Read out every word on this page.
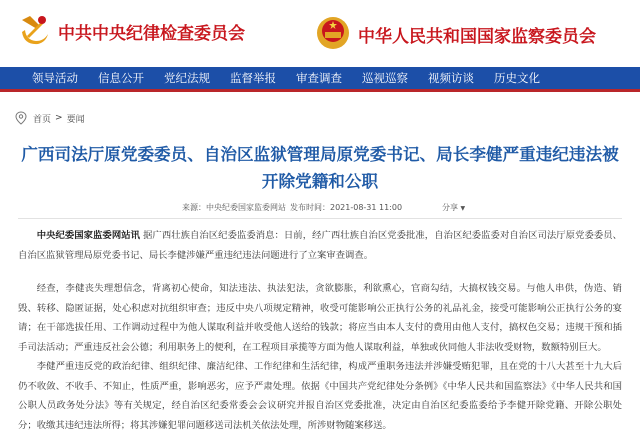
中共中央纪律检查委员会	中华人民共和国国家监察委员会
领导活动 信息公开 党纪法规 监督举报 审查调查 巡视巡察 视频访谈 历史文化
首页 > 要闻
广西司法厅原党委委员、自治区监狱管理局原党委书记、局长李健严重违纪违法被开除党籍和公职
来源：中央纪委国家监委网站 发布时间：2021-08-31 11:00	分享 ▼

中央纪委国家监委网站讯 据广西壮族自治区纪委监委消息：日前，经广西壮族自治区党委批准，自治区纪委监委对自治区司法厅原党委委员、自治区监狱管理局原党委书记、局长李健涉嫌严重违纪违法问题进行了立案审查调查。

经查，李健丧失理想信念，背离初心使命，知法违法、执法犯法，贪欲膨胀，利欲熏心，官商勾结，大搞权钱交易。与他人串供，伪造、销毁、转移、隐匿证据，处心积虑对抗组织审查；违反中央八项规定精神，收受可能影响公正执行公务的礼品礼金，接受可能影响公正执行公务的宴请；在干部选拔任用、工作调动过程中为他人谋取利益并收受他人送给的钱款；将应当由本人支付的费用由他人支付，搞权色交易；违规干预和插手司法活动；严重违反社会公德；利用职务上的便利，在工程项目承揽等方面为他人谋取利益，单独或伙同他人非法收受财物，数额特别巨大。

李健严重违反党的政治纪律、组织纪律、廉洁纪律、工作纪律和生活纪律，构成严重职务违法并涉嫌受贿犯罪，且在党的十八大甚至十九大后仍不收敛、不收手、不知止，性质严重，影响恶劣，应予严肃处理。依据《中国共产党纪律处分条例》《中华人民共和国监察法》《中华人民共和国公职人员政务处分法》等有关规定，经自治区纪委常委会会议研究并报自治区党委批准，决定由自治区纪委监委给予李健开除党籍、开除公职处分；收缴其违纪违法所得；将其涉嫌犯罪问题移送司法机关依法处理，所涉财物随案移送。
